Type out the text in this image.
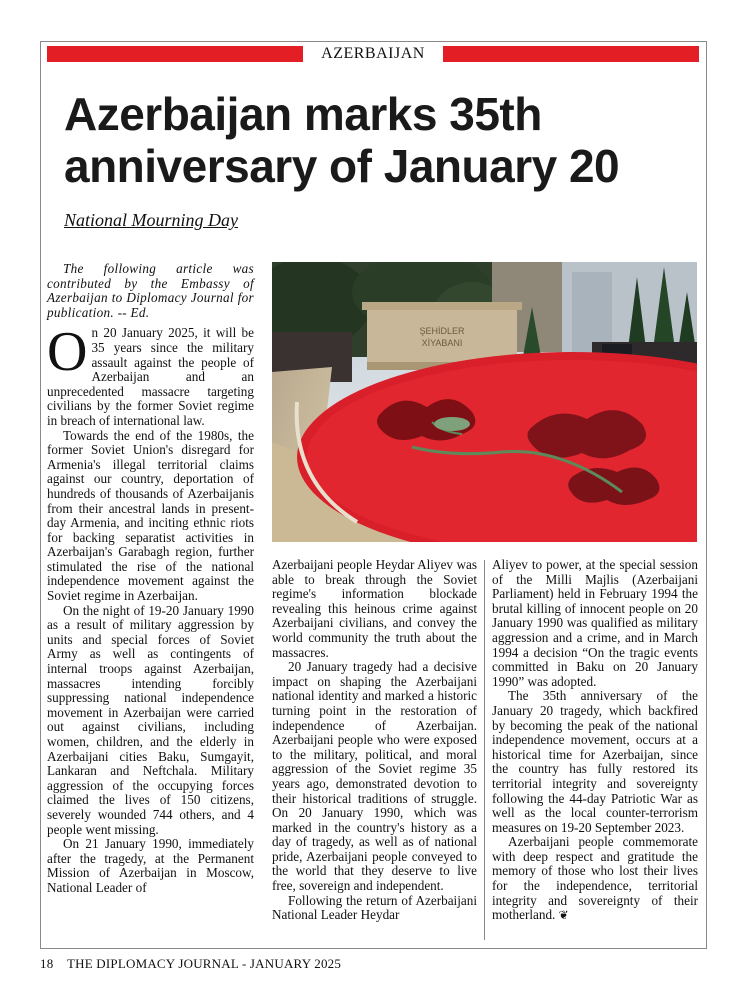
AZERBAIJAN
Azerbaijan marks 35th anniversary of January 20
National Mourning Day

The following article was contributed by the Embassy of Azerbaijan to Diplomacy Journal for publication. -- Ed.

On 20 January 2025, it will be 35 years since the military assault against the people of Azerbaijan and an unprecedented massacre targeting civilians by the former Soviet regime in breach of international law.

Towards the end of the 1980s, the former Soviet Union's disregard for Armenia's illegal territorial claims against our country, deportation of hundreds of thousands of Azerbaijanis from their ancestral lands in present-day Armenia, and inciting ethnic riots for backing separatist activities in Azerbaijan's Garabagh region, further stimulated the rise of the national independence movement against the Soviet regime in Azerbaijan.

On the night of 19-20 January 1990 as a result of military aggression by units and special forces of Soviet Army as well as contingents of internal troops against Azerbaijan, massacres intending forcibly suppressing national independence movement in Azerbaijan were carried out against civilians, including women, children, and the elderly in Azerbaijani cities Baku, Sumgayit, Lankaran and Neftchala. Military aggression of the occupying forces claimed the lives of 150 citizens, severely wounded 744 others, and 4 people went missing.

On 21 January 1990, immediately after the tragedy, at the Permanent Mission of Azerbaijan in Moscow, National Leader of

ŞEHİDLER
XİYABANI

Azerbaijani people Heydar Aliyev was able to break through the Soviet regime's information blockade revealing this heinous crime against Azerbaijani civilians, and convey the world community the truth about the massacres.

20 January tragedy had a decisive impact on shaping the Azerbaijani national identity and marked a historic turning point in the restoration of independence of Azerbaijan. Azerbaijani people who were exposed to the military, political, and moral aggression of the Soviet regime 35 years ago, demonstrated devotion to their historical traditions of struggle. On 20 January 1990, which was marked in the country's history as a day of tragedy, as well as of national pride, Azerbaijani people conveyed to the world that they deserve to live free, sovereign and independent.

Following the return of Azerbaijani National Leader Heydar

Aliyev to power, at the special session of the Milli Majlis (Azerbaijani Parliament) held in February 1994 the brutal killing of innocent people on 20 January 1990 was qualified as military aggression and a crime, and in March 1994 a decision “On the tragic events committed in Baku on 20 January 1990” was adopted.

The 35th anniversary of the January 20 tragedy, which backfired by becoming the peak of the national independence movement, occurs at a historical time for Azerbaijan, since the country has fully restored its territorial integrity and sovereignty following the 44-day Patriotic War as well as the local counter-terrorism measures on 19-20 September 2023.

Azerbaijani people commemorate with deep respect and gratitude the memory of those who lost their lives for the independence, territorial integrity and sovereignty of their motherland. ❦

18 THE DIPLOMACY JOURNAL - JANUARY 2025
